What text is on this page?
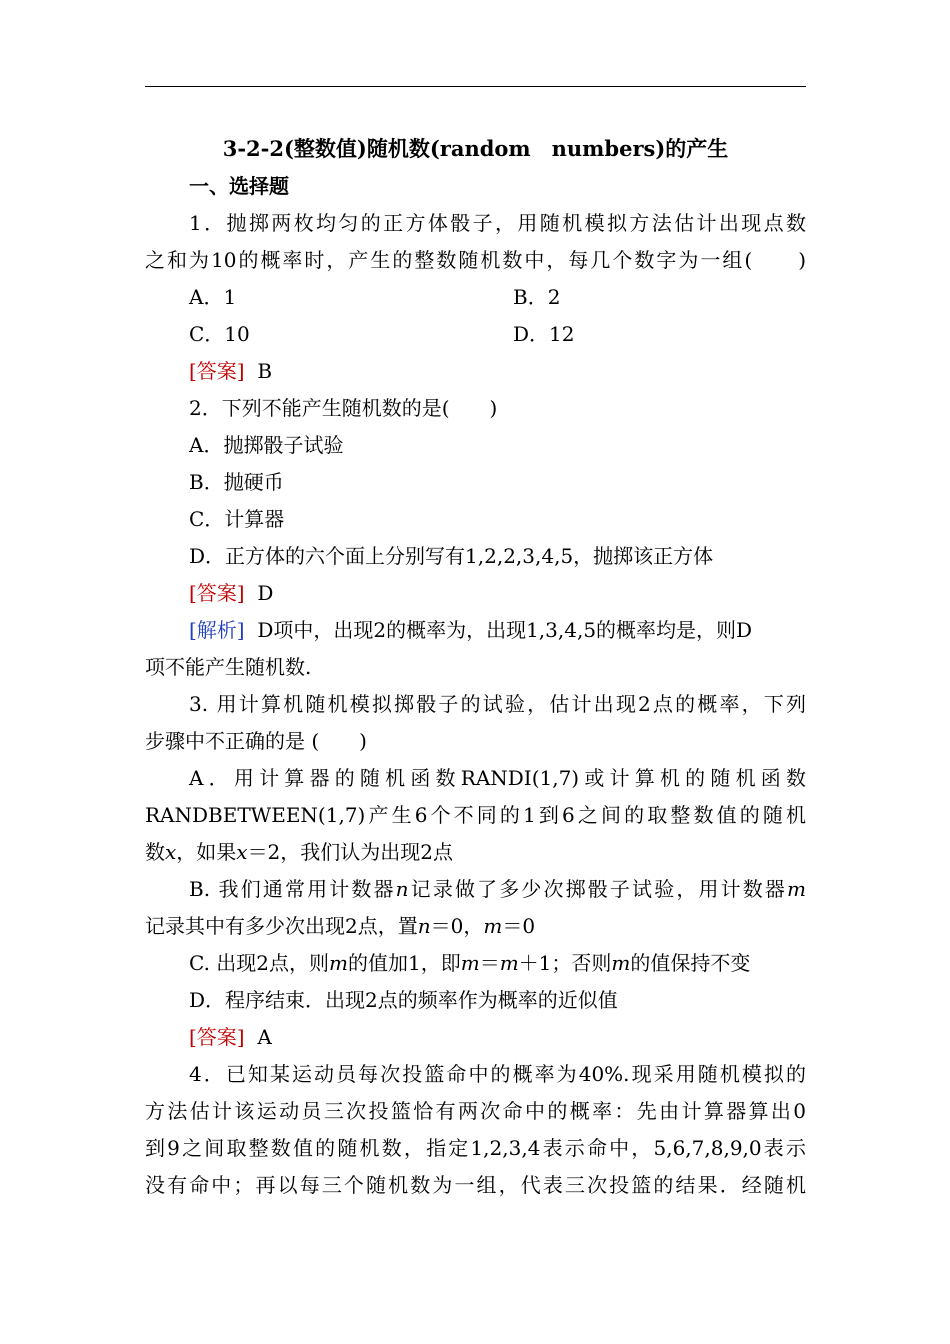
3-2-2(整数值)随机数(random　numbers)的产生
一、选择题
1．抛掷两枚均匀的正方体骰子，用随机模拟方法估计出现点数
之和为10的概率时，产生的整数随机数中，每几个数字为一组(　　)
A．1	B．2
C．10	D．12
[答案] B
2．下列不能产生随机数的是(　　)
A．抛掷骰子试验
B．抛硬币
C．计算器
D．正方体的六个面上分别写有1,2,2,3,4,5，抛掷该正方体
[答案] D
[解析] D项中，出现2的概率为，出现1,3,4,5的概率均是，则D
项不能产生随机数.
3. 用计算机随机模拟掷骰子的试验，估计出现2点的概率，下列
步骤中不正确的是 (　　)
A．用计算器的随机函数RANDI(1,7)或计算机的随机函数
RANDBETWEEN(1,7)产生6个不同的1到6之间的取整数值的随机
数x，如果x＝2，我们认为出现2点
B. 我们通常用计数器n记录做了多少次掷骰子试验，用计数器m
记录其中有多少次出现2点，置n＝0，m＝0
C. 出现2点，则m的值加1，即m＝m＋1；否则m的值保持不变
D．程序结束．出现2点的频率作为概率的近似值
[答案] A
4．已知某运动员每次投篮命中的概率为40%.现采用随机模拟的
方法估计该运动员三次投篮恰有两次命中的概率：先由计算器算出0
到9之间取整数值的随机数，指定1,2,3,4表示命中，5,6,7,8,9,0表示
没有命中；再以每三个随机数为一组，代表三次投篮的结果．经随机
